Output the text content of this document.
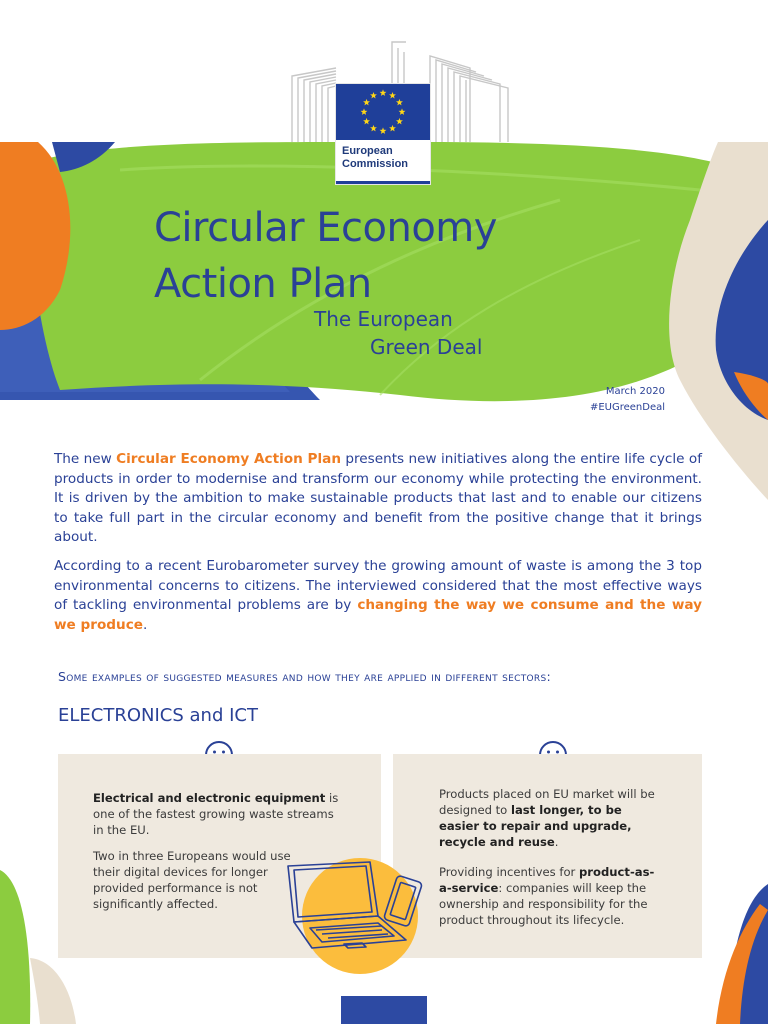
European
Commission
Circular Economy
Action Plan
The European
Green Deal
March 2020
#EUGreenDeal

The new Circular Economy Action Plan presents new initiatives along the entire life cycle of products in order to modernise and transform our economy while protecting the environment. It is driven by the ambition to make sustainable products that last and to enable our citizens to take full part in the circular economy and benefit from the positive change that it brings about.

According to a recent Eurobarometer survey the growing amount of waste is among the 3 top environmental concerns to citizens. The interviewed considered that the most effective ways of tackling environmental problems are by changing the way we consume and the way we produce.

Some examples of suggested measures and how they are applied in different sectors:
ELECTRONICS and ICT

Electrical and electronic equipment is one of the fastest growing waste streams in the EU.

Two in three Europeans would use their digital devices for longer provided performance is not significantly affected.

Products placed on EU market will be designed to last longer, to be easier to repair and upgrade, recycle and reuse.

Providing incentives for product-as-a-service: companies will keep the ownership and responsibility for the product throughout its lifecycle.
